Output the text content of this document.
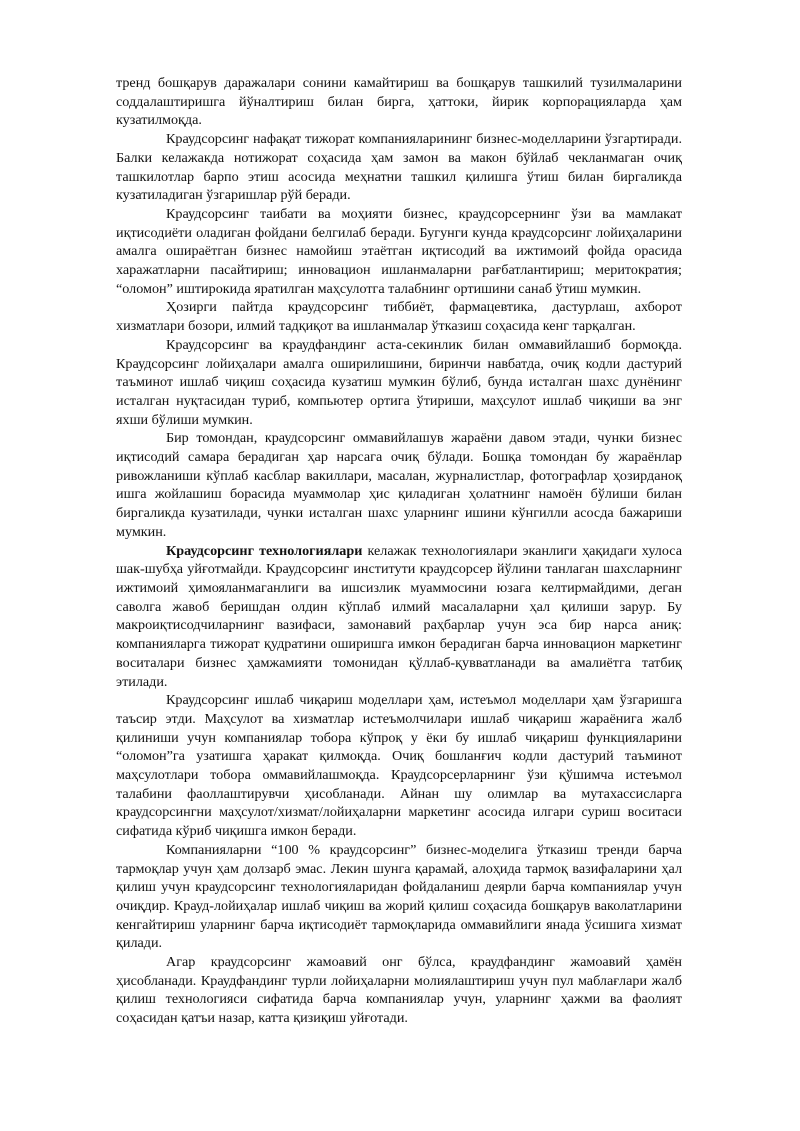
тренд бошқарув даражалари сонини камайтириш ва бошқарув ташкилий тузилмаларини соддалаштиришга йўналтириш билан бирга, ҳаттоки, йирик корпорацияларда ҳам кузатилмоқда.

Краудсорсинг нафақат тижорат компанияларининг бизнес-моделларини ўзгартиради. Балки келажакда нотижорат соҳасида ҳам замон ва макон бўйлаб чекланмаган очиқ ташкилотлар барпо этиш асосида меҳнатни ташкил қилишга ўтиш билан биргаликда кузатиладиган ўзгаришлар рўй беради.

Краудсорсинг таибати ва моҳияти бизнес, краудсорсернинг ўзи ва мамлакат иқтисодиёти оладиган фойдани белгилаб беради. Бугунги кунда краудсорсинг лойиҳаларини амалга ошираётган бизнес намойиш этаётган иқтисодий ва ижтимоий фойда орасида харажатларни пасайтириш; инновацион ишланмаларни рағбатлантириш; меритократия; “оломон” иштирокида яратилган маҳсулотга талабнинг ортишини санаб ўтиш мумкин.

Ҳозирги пайтда краудсорсинг тиббиёт, фармацевтика, дастурлаш, ахборот хизматлари бозори, илмий тадқиқот ва ишланмалар ўтказиш соҳасида кенг тарқалган.

Краудсорсинг ва краудфандинг аста-секинлик билан оммавийлашиб бормоқда. Краудсорсинг лойиҳалари амалга оширилишини, биринчи навбатда, очиқ кодли дастурий таъминот ишлаб чиқиш соҳасида кузатиш мумкин бўлиб, бунда исталган шахс дунёнинг исталган нуқтасидан туриб, компьютер ортига ўтириши, маҳсулот ишлаб чиқиши ва энг яхши бўлиши мумкин.

Бир томондан, краудсорсинг оммавийлашув жараёни давом этади, чунки бизнес иқтисодий самара берадиган ҳар нарсага очиқ бўлади. Бошқа томондан бу жараёнлар ривожланиши кўплаб касблар вакиллари, масалан, журналистлар, фотографлар ҳозирданоқ ишга жойлашиш борасида муаммолар ҳис қиладиган ҳолатнинг намоён бўлиши билан биргаликда кузатилади, чунки исталган шахс уларнинг ишини кўнгилли асосда бажариши мумкин.

Краудсорсинг технологиялари келажак технологиялари эканлиги ҳақидаги хулоса шак-шубҳа уйғотмайди. Краудсорсинг институти краудсорсер йўлини танлаган шахсларнинг ижтимоий ҳимояланмаганлиги ва ишсизлик муаммосини юзага келтирмайдими, деган саволга жавоб беришдан олдин кўплаб илмий масалаларни ҳал қилиши зарур. Бу макроиқтисодчиларнинг вазифаси, замонавий раҳбарлар учун эса бир нарса аниқ: компанияларга тижорат қудратини оширишга имкон берадиган барча инновацион маркетинг воситалари бизнес ҳамжамияти томонидан қўллаб-қувватланади ва амалиётга татбиқ этилади.

Краудсорсинг ишлаб чиқариш моделлари ҳам, истеъмол моделлари ҳам ўзгаришга таъсир этди. Маҳсулот ва хизматлар истеъмолчилари ишлаб чиқариш жараёнига жалб қилиниши учун компаниялар тобора кўпроқ у ёки бу ишлаб чиқариш функцияларини “оломон”га узатишга ҳаракат қилмоқда. Очиқ бошланғич кодли дастурий таъминот маҳсулотлари тобора оммавийлашмоқда. Краудсорсерларнинг ўзи қўшимча истеъмол талабини фаоллаштирувчи ҳисобланади. Айнан шу олимлар ва мутахассисларга краудсорсингни маҳсулот/хизмат/лойиҳаларни маркетинг асосида илгари суриш воситаси сифатида кўриб чиқишга имкон беради.

Компанияларни “100 % краудсорсинг” бизнес-моделига ўтказиш тренди барча тармоқлар учун ҳам долзарб эмас. Лекин шунга қарамай, алоҳида тармоқ вазифаларини ҳал қилиш учун краудсорсинг технологияларидан фойдаланиш деярли барча компаниялар учун очиқдир. Крауд-лойиҳалар ишлаб чиқиш ва жорий қилиш соҳасида бошқарув ваколатларини кенгайтириш уларнинг барча иқтисодиёт тармоқларида оммавийлиги янада ўсишига хизмат қилади.

Агар краудсорсинг жамоавий онг бўлса, краудфандинг жамоавий ҳамён ҳисобланади. Краудфандинг турли лойиҳаларни молиялаштириш учун пул маблағлари жалб қилиш технологияси сифатида барча компаниялар учун, уларнинг ҳажми ва фаолият соҳасидан қатъи назар, катта қизиқиш уйғотади.
